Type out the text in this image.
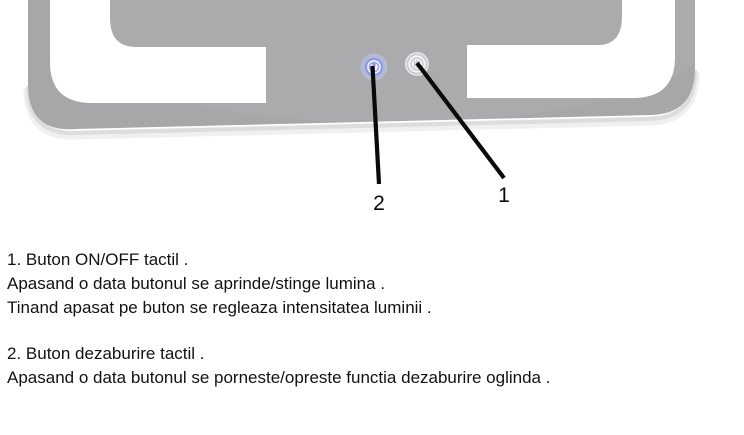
1
2

1. Buton ON/OFF tactil .
Apasand o data butonul se aprinde/stinge lumina .
Tinand apasat pe buton se regleaza intensitatea luminii .

2. Buton dezaburire tactil .
Apasand o data butonul se porneste/opreste functia dezaburire oglinda .
